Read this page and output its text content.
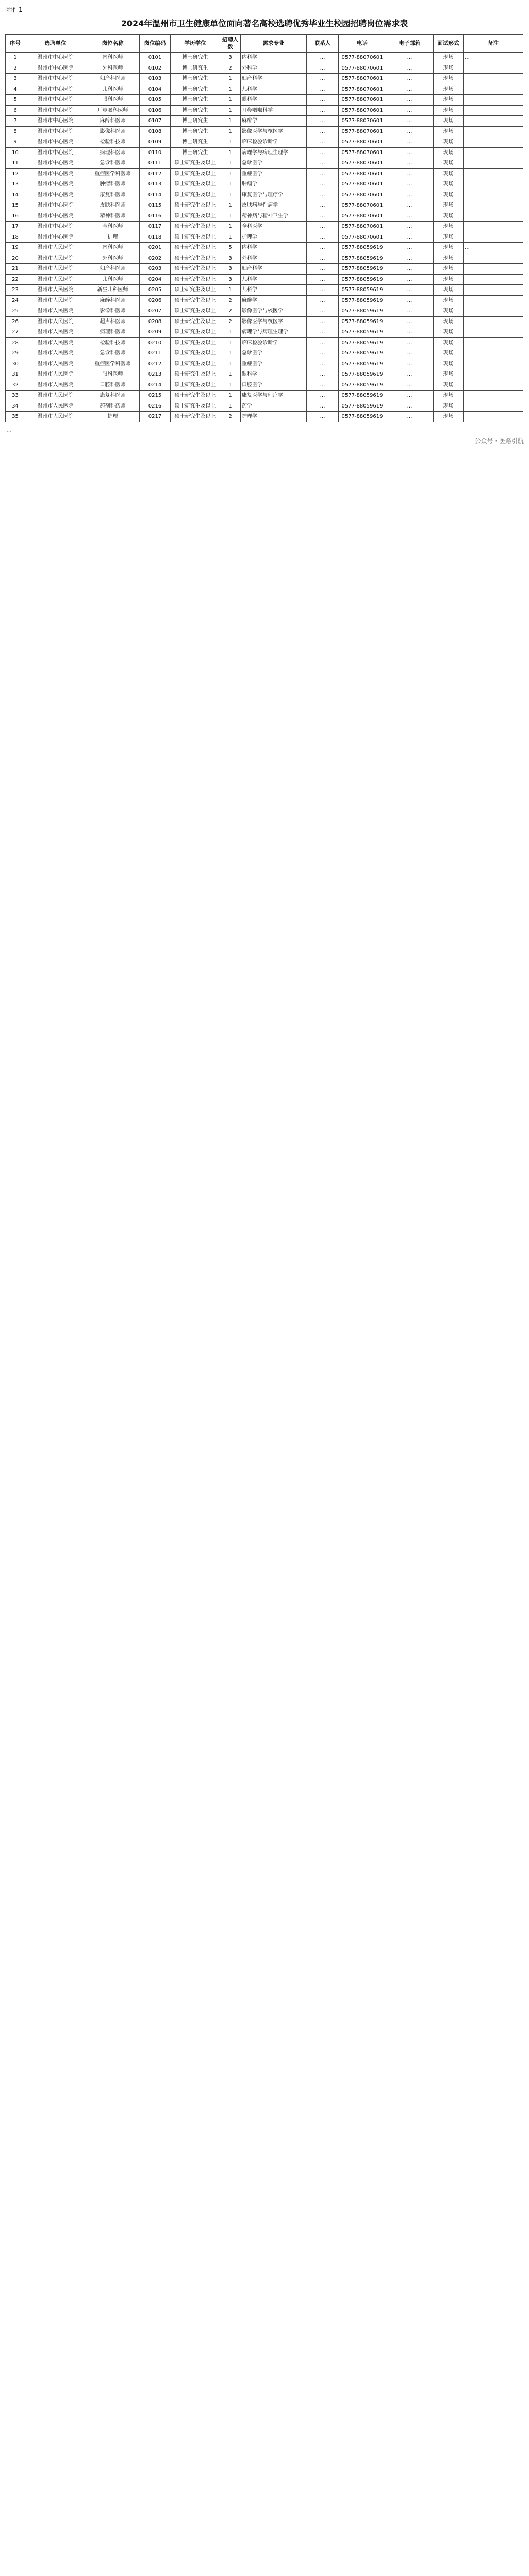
附件1
2024年温州市卫生健康单位面向著名高校选聘优秀毕业生校园招聘岗位需求表
序号	选聘单位	岗位名称	岗位编码	学历学位	招聘人数	需求专业	联系人	电话	电子邮箱	面试形式	备注
1	温州市中心医院	内科医师	0101	博士研究生	3	内科学	…	0577-88070601	…	现场	…
2	温州市中心医院	外科医师	0102	博士研究生	2	外科学	…	0577-88070601	…	现场	
3	温州市中心医院	妇产科医师	0103	博士研究生	1	妇产科学	…	0577-88070601	…	现场	
4	温州市中心医院	儿科医师	0104	博士研究生	1	儿科学	…	0577-88070601	…	现场	
5	温州市中心医院	眼科医师	0105	博士研究生	1	眼科学	…	0577-88070601	…	现场	
6	温州市中心医院	耳鼻喉科医师	0106	博士研究生	1	耳鼻咽喉科学	…	0577-88070601	…	现场	
7	温州市中心医院	麻醉科医师	0107	博士研究生	1	麻醉学	…	0577-88070601	…	现场	
8	温州市中心医院	影像科医师	0108	博士研究生	1	影像医学与核医学	…	0577-88070601	…	现场	
9	温州市中心医院	检验科技师	0109	博士研究生	1	临床检验诊断学	…	0577-88070601	…	现场	
10	温州市中心医院	病理科医师	0110	博士研究生	1	病理学与病理生理学	…	0577-88070601	…	现场	
11	温州市中心医院	急诊科医师	0111	硕士研究生及以上	1	急诊医学	…	0577-88070601	…	现场	
12	温州市中心医院	重症医学科医师	0112	硕士研究生及以上	1	重症医学	…	0577-88070601	…	现场	
13	温州市中心医院	肿瘤科医师	0113	硕士研究生及以上	1	肿瘤学	…	0577-88070601	…	现场	
14	温州市中心医院	康复科医师	0114	硕士研究生及以上	1	康复医学与理疗学	…	0577-88070601	…	现场	
15	温州市中心医院	皮肤科医师	0115	硕士研究生及以上	1	皮肤病与性病学	…	0577-88070601	…	现场	
16	温州市中心医院	精神科医师	0116	硕士研究生及以上	1	精神病与精神卫生学	…	0577-88070601	…	现场	
17	温州市中心医院	全科医师	0117	硕士研究生及以上	1	全科医学	…	0577-88070601	…	现场	
18	温州市中心医院	护理	0118	硕士研究生及以上	1	护理学	…	0577-88070601	…	现场	
19	温州市人民医院	内科医师	0201	硕士研究生及以上	5	内科学	…	0577-88059619	…	现场	…
20	温州市人民医院	外科医师	0202	硕士研究生及以上	3	外科学	…	0577-88059619	…	现场	
21	温州市人民医院	妇产科医师	0203	硕士研究生及以上	3	妇产科学	…	0577-88059619	…	现场	
22	温州市人民医院	儿科医师	0204	硕士研究生及以上	3	儿科学	…	0577-88059619	…	现场	
23	温州市人民医院	新生儿科医师	0205	硕士研究生及以上	1	儿科学	…	0577-88059619	…	现场	
24	温州市人民医院	麻醉科医师	0206	硕士研究生及以上	2	麻醉学	…	0577-88059619	…	现场	
25	温州市人民医院	影像科医师	0207	硕士研究生及以上	2	影像医学与核医学	…	0577-88059619	…	现场	
26	温州市人民医院	超声科医师	0208	硕士研究生及以上	2	影像医学与核医学	…	0577-88059619	…	现场	
27	温州市人民医院	病理科医师	0209	硕士研究生及以上	1	病理学与病理生理学	…	0577-88059619	…	现场	
28	温州市人民医院	检验科技师	0210	硕士研究生及以上	1	临床检验诊断学	…	0577-88059619	…	现场	
29	温州市人民医院	急诊科医师	0211	硕士研究生及以上	1	急诊医学	…	0577-88059619	…	现场	
30	温州市人民医院	重症医学科医师	0212	硕士研究生及以上	1	重症医学	…	0577-88059619	…	现场	
31	温州市人民医院	眼科医师	0213	硕士研究生及以上	1	眼科学	…	0577-88059619	…	现场	
32	温州市人民医院	口腔科医师	0214	硕士研究生及以上	1	口腔医学	…	0577-88059619	…	现场	
33	温州市人民医院	康复科医师	0215	硕士研究生及以上	1	康复医学与理疗学	…	0577-88059619	…	现场	
34	温州市人民医院	药剂科药师	0216	硕士研究生及以上	1	药学	…	0577-88059619	…	现场	
35	温州市人民医院	护理	0217	硕士研究生及以上	2	护理学	…	0577-88059619	…	现场	
…
公众号 · 医路引航
